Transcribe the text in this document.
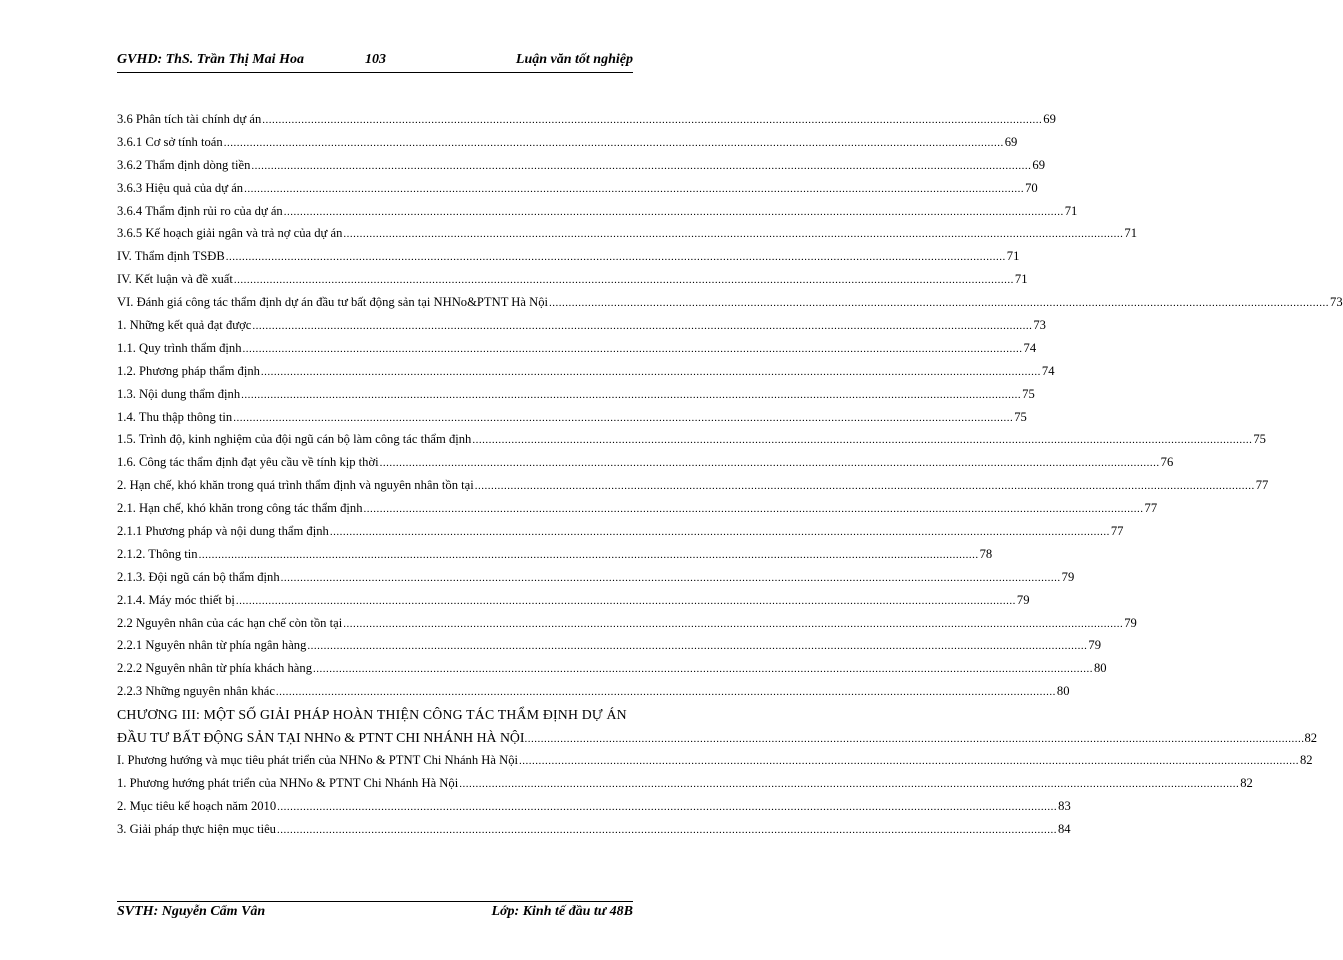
GVHD: ThS. Trần Thị Mai Hoa	103	Luận văn tốt nghiệp
3.6 Phân tích tài chính dự án ................................................................................................................................................................................................................................................ 69
3.6.1 Cơ sở tính toán ................................................................................................................................................................................................................................................ 69
3.6.2 Thẩm định dòng tiền ................................................................................................................................................................................................................................................ 69
3.6.3 Hiệu quả của dự án ................................................................................................................................................................................................................................................ 70
3.6.4 Thẩm định rủi ro của dự án ................................................................................................................................................................................................................................................ 71
3.6.5 Kế hoạch giải ngân và trả nợ của dự án ................................................................................................................................................................................................................................................ 71
IV. Thẩm định TSĐB ................................................................................................................................................................................................................................................ 71
IV. Kết luận và đề xuất ................................................................................................................................................................................................................................................ 71
VI. Đánh giá công tác thẩm định dự án đầu tư bất động sản tại NHNo&PTNT Hà Nội ................................................................................................................................................................................................................................................ 73
1. Những kết quả đạt được ................................................................................................................................................................................................................................................ 73
1.1. Quy trình thẩm định ................................................................................................................................................................................................................................................ 74
1.2. Phương pháp thẩm định ................................................................................................................................................................................................................................................ 74
1.3. Nội dung thẩm định ................................................................................................................................................................................................................................................ 75
1.4. Thu thập thông tin ................................................................................................................................................................................................................................................ 75
1.5. Trình độ, kinh nghiệm của đội ngũ cán bộ làm công tác thẩm định ................................................................................................................................................................................................................................................ 75
1.6. Công tác thẩm định đạt yêu cầu về tính kịp thời ................................................................................................................................................................................................................................................ 76
2. Hạn chế, khó khăn trong quá trình thẩm định và nguyên nhân tồn tại ................................................................................................................................................................................................................................................ 77
2.1. Hạn chế, khó khăn trong công tác thẩm định ................................................................................................................................................................................................................................................ 77
2.1.1 Phương pháp và nội dung thẩm định ................................................................................................................................................................................................................................................ 77
2.1.2. Thông tin ................................................................................................................................................................................................................................................ 78
2.1.3. Đội ngũ cán bộ thẩm định ................................................................................................................................................................................................................................................ 79
2.1.4. Máy móc thiết bị ................................................................................................................................................................................................................................................ 79
2.2 Nguyên nhân của các hạn chế còn tồn tại ................................................................................................................................................................................................................................................ 79
2.2.1 Nguyên nhân từ phía ngân hàng ................................................................................................................................................................................................................................................ 79
2.2.2 Nguyên nhân từ phía khách hàng ................................................................................................................................................................................................................................................ 80
2.2.3 Những nguyên nhân khác ................................................................................................................................................................................................................................................ 80
CHƯƠNG III: MỘT SỐ GIẢI PHÁP HOÀN THIỆN CÔNG TÁC THẨM ĐỊNH DỰ ÁN
ĐẦU TƯ BẤT ĐỘNG SẢN TẠI NHNo & PTNT CHI NHÁNH HÀ NỘI ................................................................................................................................................................................................................................................ 82
I. Phương hướng và mục tiêu phát triển của NHNo & PTNT Chi Nhánh Hà Nội ................................................................................................................................................................................................................................................ 82
1. Phương hướng phát triển của NHNo & PTNT Chi Nhánh Hà Nội ................................................................................................................................................................................................................................................ 82
2. Mục tiêu kế hoạch năm 2010 ................................................................................................................................................................................................................................................ 83
3. Giải pháp thực hiện mục tiêu ................................................................................................................................................................................................................................................ 84
SVTH: Nguyễn Cẩm Vân	Lớp: Kinh tế đầu tư 48B
